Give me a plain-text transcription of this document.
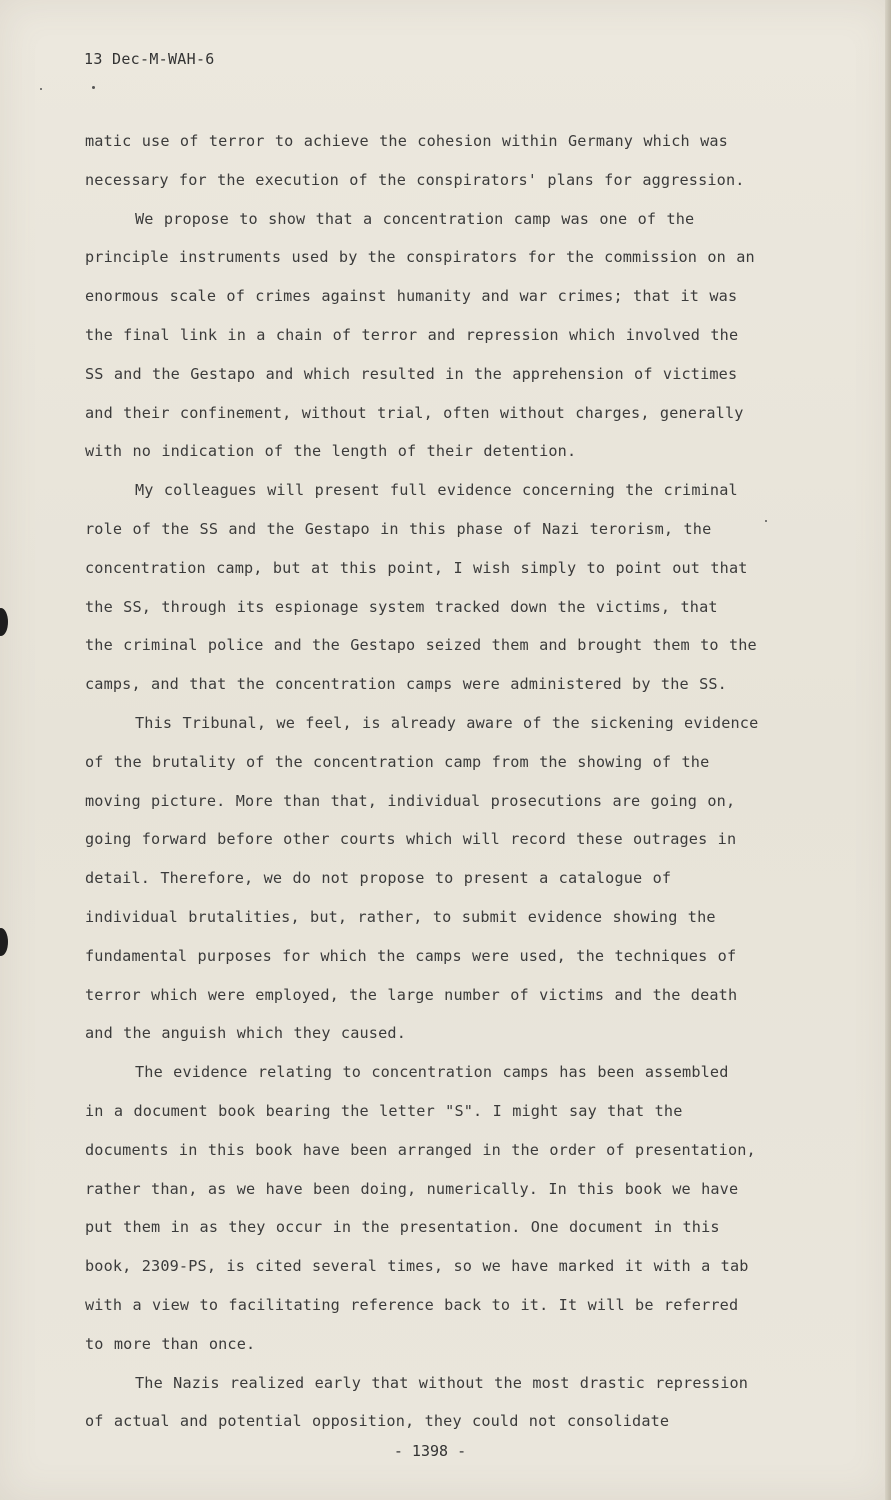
13 Dec-M-WAH-6
matic use of terror to achieve the cohesion within Germany which was
necessary for the execution of the conspirators' plans for aggression.
We propose to show that a concentration camp was one of the
principle instruments used by the conspirators for the commission on an
enormous scale of crimes against humanity and war crimes; that it was
the final link in a chain of terror and repression which involved the
SS and the Gestapo and which resulted in the apprehension of victimes
and their confinement, without trial, often without charges, generally
with no indication of the length of their detention.
My colleagues will present full evidence concerning the criminal
role of the SS and the Gestapo in this phase of Nazi terorism, the
concentration camp, but at this point, I wish simply to point out that
the SS, through its espionage system tracked down the victims, that
the criminal police and the Gestapo seized them and brought them to the
camps, and that the concentration camps were administered by the SS.
This Tribunal, we feel, is already aware of the sickening evidence
of the brutality of the concentration camp from the showing of the
moving picture. More than that, individual prosecutions are going on,
going forward before other courts which will record these outrages in
detail. Therefore, we do not propose to present a catalogue of
individual brutalities, but, rather, to submit evidence showing the
fundamental purposes for which the camps were used, the techniques of
terror which were employed, the large number of victims and the death
and the anguish which they caused.
The evidence relating to concentration camps has been assembled
in a document book bearing the letter "S". I might say that the
documents in this book have been arranged in the order of presentation,
rather than, as we have been doing, numerically. In this book we have
put them in as they occur in the presentation. One document in this
book, 2309-PS, is cited several times, so we have marked it with a tab
with a view to facilitating reference back to it. It will be referred
to more than once.
The Nazis realized early that without the most drastic repression
of actual and potential opposition, they could not consolidate
- 1398 -
